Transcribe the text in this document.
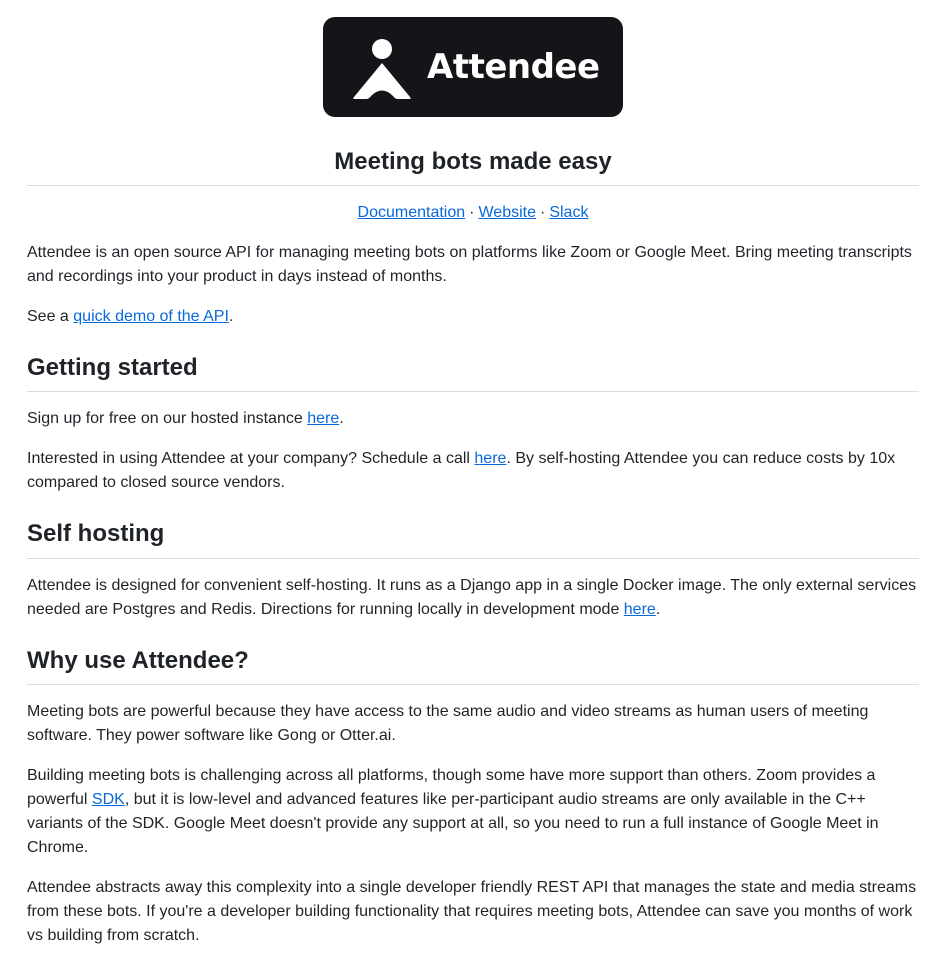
Attendee
Meeting bots made easy
Documentation · Website · Slack

Attendee is an open source API for managing meeting bots on platforms like Zoom or Google Meet. Bring meeting transcripts and recordings into your product in days instead of months.

See a quick demo of the API.

Getting started

Sign up for free on our hosted instance here.

Interested in using Attendee at your company? Schedule a call here. By self-hosting Attendee you can reduce costs by 10x compared to closed source vendors.

Self hosting

Attendee is designed for convenient self-hosting. It runs as a Django app in a single Docker image. The only external services needed are Postgres and Redis. Directions for running locally in development mode here.

Why use Attendee?

Meeting bots are powerful because they have access to the same audio and video streams as human users of meeting software. They power software like Gong or Otter.ai.

Building meeting bots is challenging across all platforms, though some have more support than others. Zoom provides a powerful SDK, but it is low-level and advanced features like per-participant audio streams are only available in the C++ variants of the SDK. Google Meet doesn't provide any support at all, so you need to run a full instance of Google Meet in Chrome.

Attendee abstracts away this complexity into a single developer friendly REST API that manages the state and media streams from these bots. If you're a developer building functionality that requires meeting bots, Attendee can save you months of work vs building from scratch.
